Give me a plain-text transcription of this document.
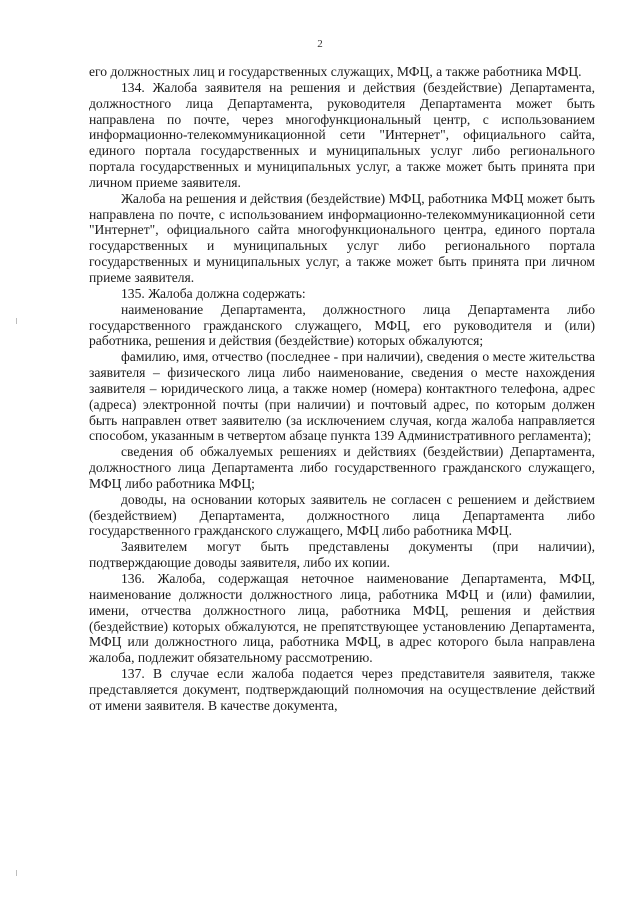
2

его должностных лиц и государственных служащих, МФЦ, а также работника МФЦ.

134. Жалоба заявителя на решения и действия (бездействие) Департамента, должностного лица Департамента, руководителя Департамента может быть направлена по почте, через многофункциональный центр, с использованием информационно-телекоммуникационной сети "Интернет", официального сайта, единого портала государственных и муниципальных услуг либо регионального портала государственных и муниципальных услуг, а также может быть принята при личном приеме заявителя.

Жалоба на решения и действия (бездействие) МФЦ, работника МФЦ может быть направлена по почте, с использованием информационно-телекоммуникационной сети "Интернет", официального сайта многофункционального центра, единого портала государственных и муниципальных услуг либо регионального портала государственных и муниципальных услуг, а также может быть принята при личном приеме заявителя.

135. Жалоба должна содержать:

наименование Департамента, должностного лица Департамента либо государственного гражданского служащего, МФЦ, его руководителя и (или) работника, решения и действия (бездействие) которых обжалуются;

фамилию, имя, отчество (последнее - при наличии), сведения о месте жительства заявителя – физического лица либо наименование, сведения о месте нахождения заявителя – юридического лица, а также номер (номера) контактного телефона, адрес (адреса) электронной почты (при наличии) и почтовый адрес, по которым должен быть направлен ответ заявителю (за исключением случая, когда жалоба направляется способом, указанным в четвертом абзаце пункта 139 Административного регламента);

сведения об обжалуемых решениях и действиях (бездействии) Департамента, должностного лица Департамента либо государственного гражданского служащего, МФЦ либо работника МФЦ;

доводы, на основании которых заявитель не согласен с решением и действием (бездействием) Департамента, должностного лица Департамента либо государственного гражданского служащего, МФЦ либо работника МФЦ.

Заявителем могут быть представлены документы (при наличии), подтверждающие доводы заявителя, либо их копии.

136. Жалоба, содержащая неточное наименование Департамента, МФЦ, наименование должности должностного лица, работника МФЦ и (или) фамилии, имени, отчества должностного лица, работника МФЦ, решения и действия (бездействие) которых обжалуются, не препятствующее установлению Департамента, МФЦ или должностного лица, работника МФЦ, в адрес которого была направлена жалоба, подлежит обязательному рассмотрению.

137. В случае если жалоба подается через представителя заявителя, также представляется документ, подтверждающий полномочия на осуществление действий от имени заявителя. В качестве документа,
